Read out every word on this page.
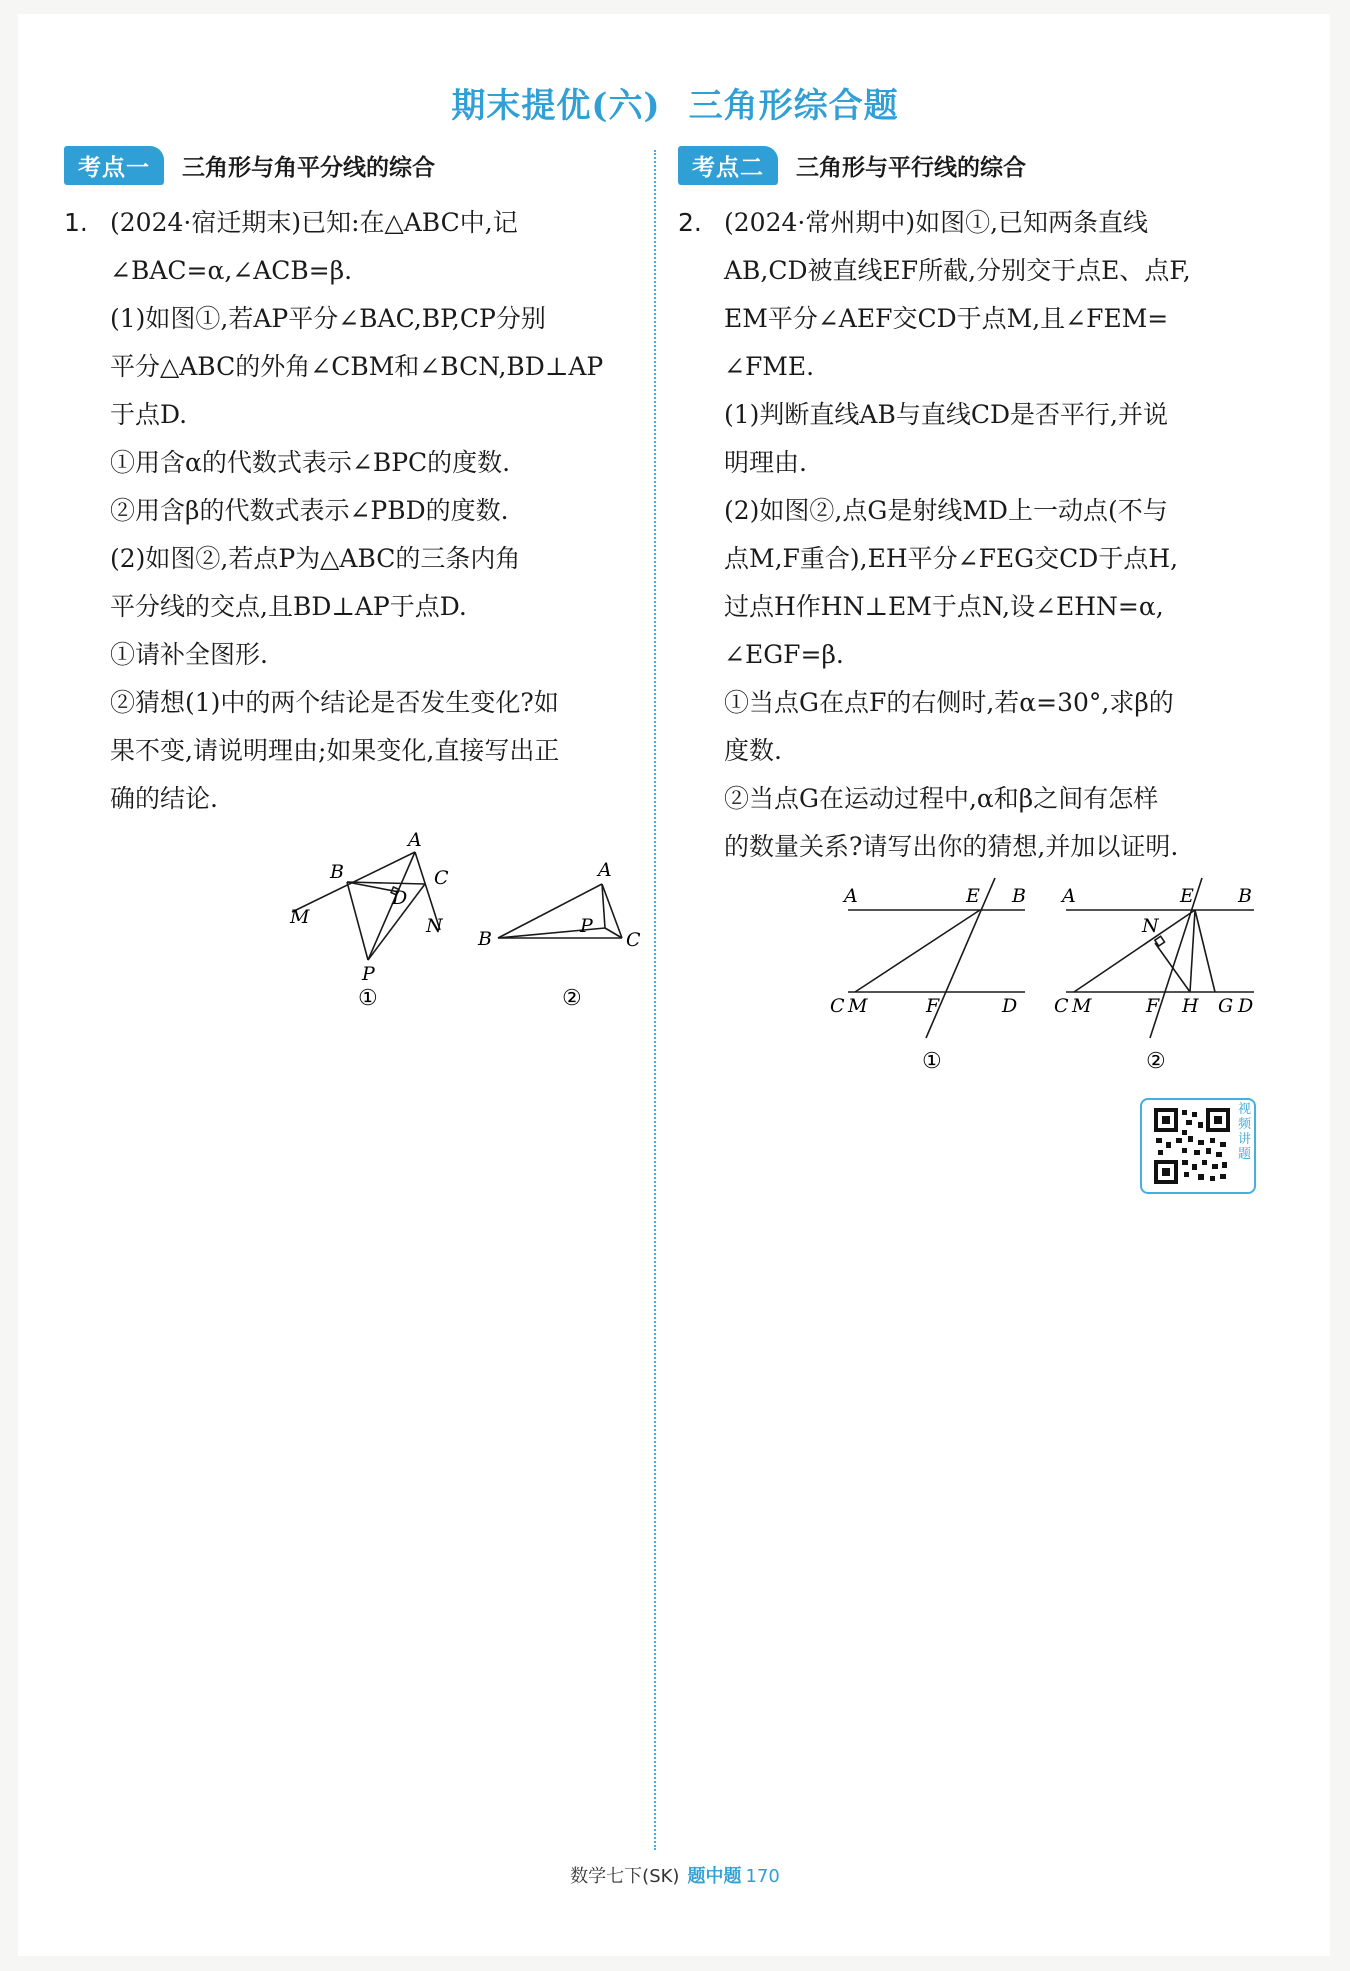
期末提优(六) 三角形综合题
考点一	三角形与角平分线的综合

1. (2024·宿迁期末)已知:在△ABC中,记

∠BAC=α,∠ACB=β.

(1)如图①,若AP平分∠BAC,BP,CP分别

平分△ABC的外角∠CBM和∠BCN,BD⊥AP

于点D.

①用含α的代数式表示∠BPC的度数.

②用含β的代数式表示∠PBD的度数.

(2)如图②,若点P为△ABC的三条内角

平分线的交点,且BD⊥AP于点D.

①请补全图形.

②猜想(1)中的两个结论是否发生变化?如

果不变,请说明理由;如果变化,直接写出正

确的结论.

A
B	C
D
M	N
P
①
A
B	C
P
②
考点二	三角形与平行线的综合

2. (2024·常州期中)如图①,已知两条直线

AB,CD被直线EF所截,分别交于点E、点F,

EM平分∠AEF交CD于点M,且∠FEM=

∠FME.

(1)判断直线AB与直线CD是否平行,并说

明理由.

(2)如图②,点G是射线MD上一动点(不与

点M,F重合),EH平分∠FEG交CD于点H,

过点H作HN⊥EM于点N,设∠EHN=α,

∠EGF=β.

①当点G在点F的右侧时,若α=30°,求β的

度数.

②当点G在运动过程中,α和β之间有怎样

的数量关系?请写出你的猜想,并加以证明.

A	E B
C M	F	D
①
A	E B
N
C M	F H G D
②
视频讲题
数学七下(SK) 题中题 170
